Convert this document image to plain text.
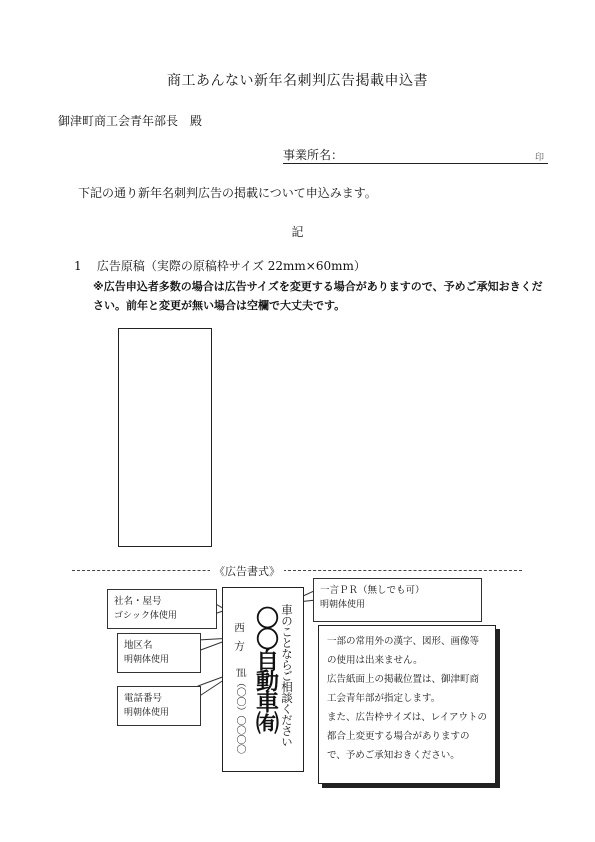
商工あんない新年名刺判広告掲載申込書
御津町商工会青年部長　殿
事業所名：	印
下記の通り新年名刺判広告の掲載について申込みます。
記
1 広告原稿（実際の原稿枠サイズ 22mm×60mm）
※広告申込者多数の場合は広告サイズを変更する場合がありますので、予めご承知おきください。前年と変更が無い場合は空欄で大丈夫です。
《広告書式》
社名・屋号
ゴシック体使用
地区名
明朝体使用
電話番号
明朝体使用
一言ＰＲ（無しでも可）
明朝体使用
車のことならご相談ください
〇〇自動車㈲
西方
℡（〇〇）〇〇〇〇
一部の常用外の漢字、図形、画像等の使用は出来ません。
広告紙面上の掲載位置は、御津町商工会青年部が指定します。
また、広告枠サイズは、レイアウトの都合上変更する場合がありますので、予めご承知おきください。
